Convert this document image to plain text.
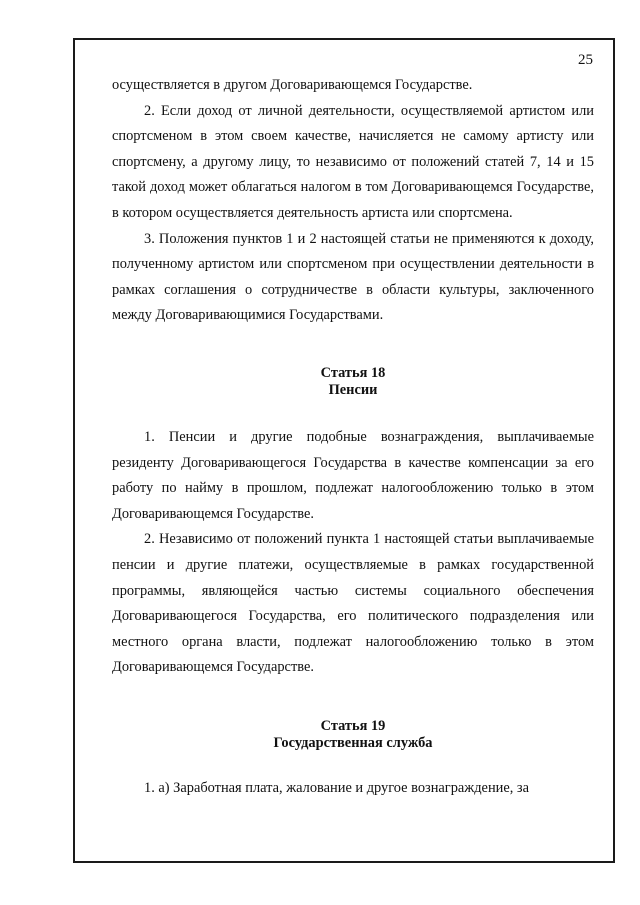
25

осуществляется в другом Договаривающемся Государстве.

2. Если доход от личной деятельности, осуществляемой артистом или спортсменом в этом своем качестве, начисляется не самому артисту или спортсмену, а другому лицу, то независимо от положений статей 7, 14 и 15 такой доход может облагаться налогом в том Договаривающемся Государстве, в котором осуществляется деятельность артиста или спортсмена.

3. Положения пунктов 1 и 2 настоящей статьи не применяются к доходу, полученному артистом или спортсменом при осуществлении деятельности в рамках соглашения о сотрудничестве в области культуры, заключенного между Договаривающимися Государствами.

Статья 18
Пенсии

1. Пенсии и другие подобные вознаграждения, выплачиваемые резиденту Договаривающегося Государства в качестве компенсации за его работу по найму в прошлом, подлежат налогообложению только в этом Договаривающемся Государстве.

2. Независимо от положений пункта 1 настоящей статьи выплачиваемые пенсии и другие платежи, осуществляемые в рамках государственной программы, являющейся частью системы социального обеспечения Договаривающегося Государства, его политического подразделения или местного органа власти, подлежат налогообложению только в этом Договаривающемся Государстве.

Статья 19
Государственная служба

1. а) Заработная плата, жалование и другое вознаграждение, за
